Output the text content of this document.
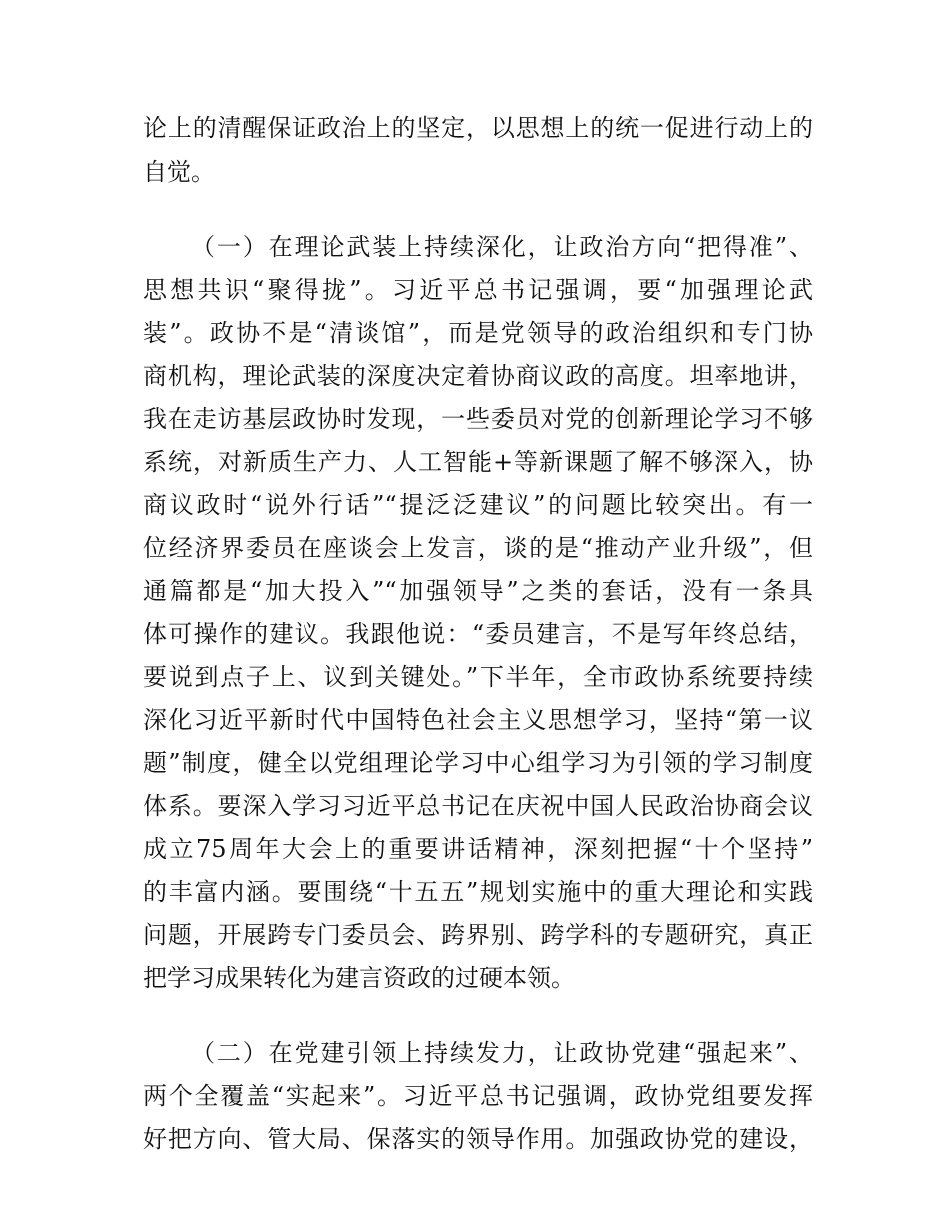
论上的清醒保证政治上的坚定，以思想上的统一促进行动上的
自觉。
（一）在理论武装上持续深化，让政治方向“把得准”、
思想共识“聚得拢”。习近平总书记强调，要“加强理论武
装”。政协不是“清谈馆”，而是党领导的政治组织和专门协
商机构，理论武装的深度决定着协商议政的高度。坦率地讲，
我在走访基层政协时发现，一些委员对党的创新理论学习不够
系统，对新质生产力、人工智能+等新课题了解不够深入，协
商议政时“说外行话”“提泛泛建议”的问题比较突出。有一
位经济界委员在座谈会上发言，谈的是“推动产业升级”，但
通篇都是“加大投入”“加强领导”之类的套话，没有一条具
体可操作的建议。我跟他说：“委员建言，不是写年终总结，
要说到点子上、议到关键处。”下半年，全市政协系统要持续
深化习近平新时代中国特色社会主义思想学习，坚持“第一议
题”制度，健全以党组理论学习中心组学习为引领的学习制度
体系。要深入学习习近平总书记在庆祝中国人民政治协商会议
成立75周年大会上的重要讲话精神，深刻把握“十个坚持”
的丰富内涵。要围绕“十五五”规划实施中的重大理论和实践
问题，开展跨专门委员会、跨界别、跨学科的专题研究，真正
把学习成果转化为建言资政的过硬本领。
（二）在党建引领上持续发力，让政协党建“强起来”、
两个全覆盖“实起来”。习近平总书记强调，政协党组要发挥
好把方向、管大局、保落实的领导作用。加强政协党的建设，
